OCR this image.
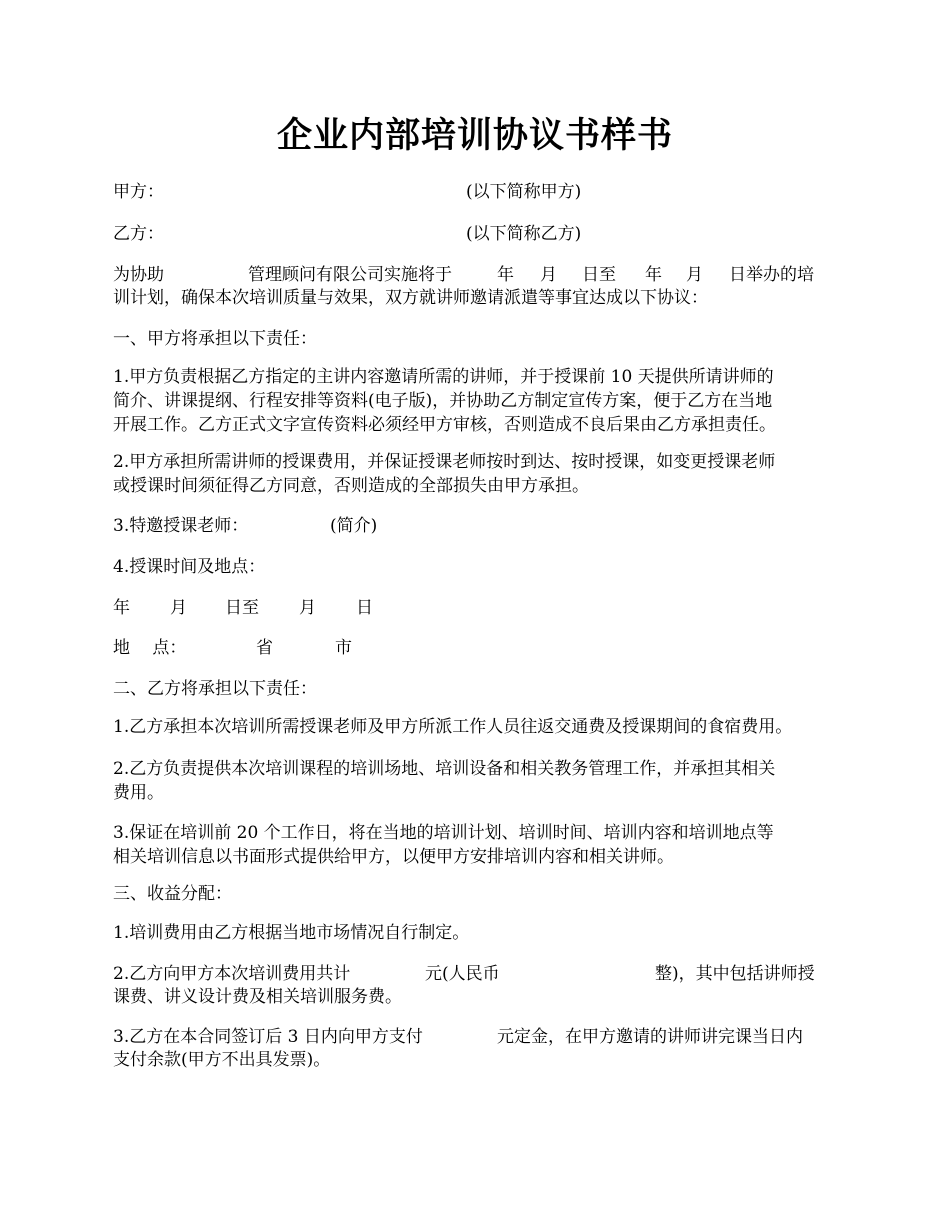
企业内部培训协议书样书
甲方：	(以下简称甲方)
乙方：	(以下简称乙方)
为协助	管理顾问有限公司实施将于	年 月 日至 年 月 日举办的培
训计划，确保本次培训质量与效果，双方就讲师邀请派遣等事宜达成以下协议：
一、甲方将承担以下责任：
1.甲方负责根据乙方指定的主讲内容邀请所需的讲师，并于授课前 10 天提供所请讲师的
简介、讲课提纲、行程安排等资料(电子版)，并协助乙方制定宣传方案，便于乙方在当地
开展工作。乙方正式文字宣传资料必须经甲方审核，否则造成不良后果由乙方承担责任。
2.甲方承担所需讲师的授课费用，并保证授课老师按时到达、按时授课，如变更授课老师
或授课时间须征得乙方同意，否则造成的全部损失由甲方承担。
3.特邀授课老师：	(简介)
4.授课时间及地点：
年 月 日至 月 日
地　 点：	省	市
二、乙方将承担以下责任：
1.乙方承担本次培训所需授课老师及甲方所派工作人员往返交通费及授课期间的食宿费用。
2.乙方负责提供本次培训课程的培训场地、培训设备和相关教务管理工作，并承担其相关
费用。
3.保证在培训前 20 个工作日，将在当地的培训计划、培训时间、培训内容和培训地点等
相关培训信息以书面形式提供给甲方，以便甲方安排培训内容和相关讲师。
三、收益分配：
1.培训费用由乙方根据当地市场情况自行制定。
2.乙方向甲方本次培训费用共计	元(人民币	整)，其中包括讲师授
课费、讲义设计费及相关培训服务费。
3.乙方在本合同签订后 3 日内向甲方支付	元定金，在甲方邀请的讲师讲完课当日内
支付余款(甲方不出具发票)。
